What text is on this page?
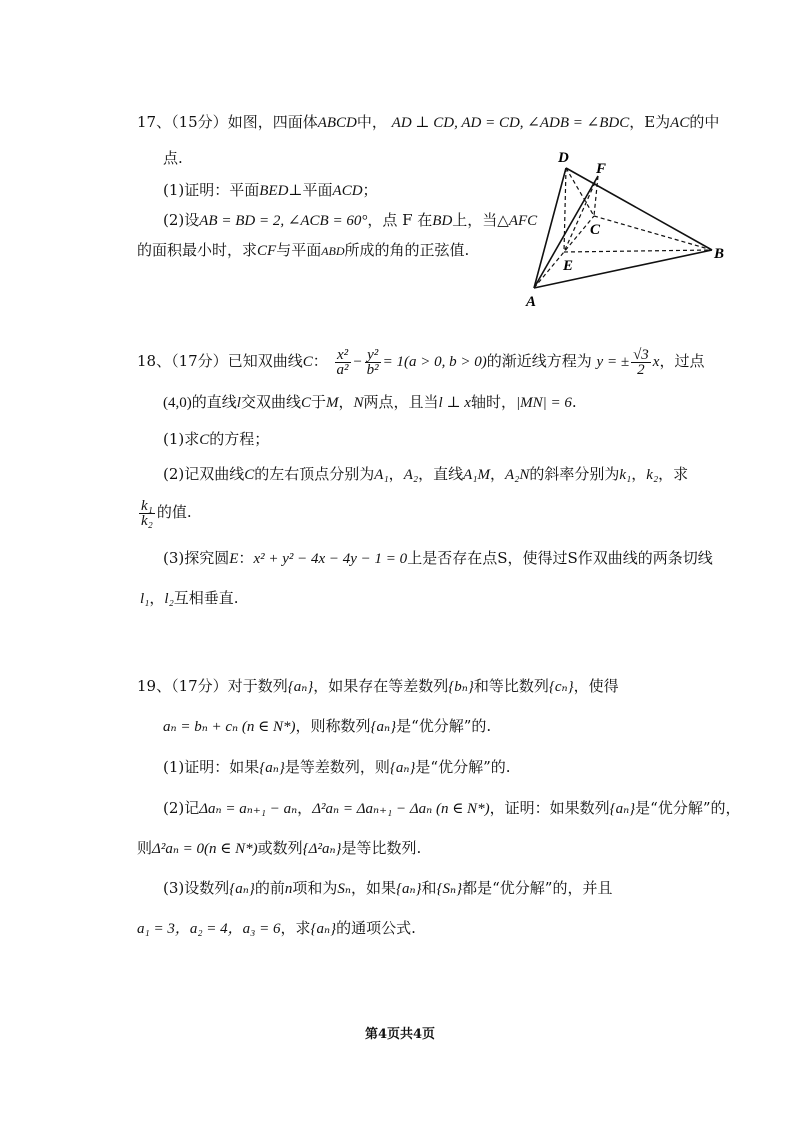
17、（15分）如图，四面体ABCD中， AD ⊥ CD, AD = CD, ∠ADB = ∠BDC，E为AC的中
点.
(1)证明：平面BED⊥平面ACD；
(2)设AB = BD = 2, ∠ACB = 60°，点 F 在BD上，当△AFC
的面积最小时，求CF与平面ABD所成的角的正弦值.
D
F
C
E
B
A
18、（17分）已知双曲线C： $\frac{\text{x²}}{\text{a²}} - \frac{\text{y²}}{\text{b²}} = 1(a > 0$, b > 0)的渐近线方程为 y = ± $\frac{√3}{2}$ x，过点
(4,0)的直线l交双曲线C于M，N两点，且当l ⊥ x轴时，|MN| = 6.
(1)求C的方程；
(2)记双曲线C的左右顶点分别为A₁，A₂，直线A₁M，A₂N的斜率分别为k₁，k₂，求
$\frac{\text{k₁}}{\text{k₂}}$ 的值.
(3)探究圆E：x² + y² − 4x − 4y − 1 = 0上是否存在点S，使得过S作双曲线的两条切线
l₁，l₂互相垂直.
19、（17分）对于数列{aₙ}，如果存在等差数列{bₙ}和等比数列{cₙ}，使得
aₙ = bₙ + cₙ (n ∈ N*)，则称数列{aₙ}是“优分解”的.
(1)证明：如果{aₙ}是等差数列，则{aₙ}是“优分解”的.
(2)记Δaₙ = aₙ₊₁ − aₙ，Δ²aₙ = Δaₙ₊₁ − Δaₙ (n ∈ N*)，证明：如果数列{aₙ}是“优分解”的，
则Δ²aₙ = 0(n ∈ N*)或数列{Δ²aₙ}是等比数列.
(3)设数列{aₙ}的前n项和为Sₙ，如果{aₙ}和{Sₙ}都是“优分解”的，并且
a₁ = 3，a₂ = 4，a₃ = 6，求{aₙ}的通项公式.
第4页共4页
